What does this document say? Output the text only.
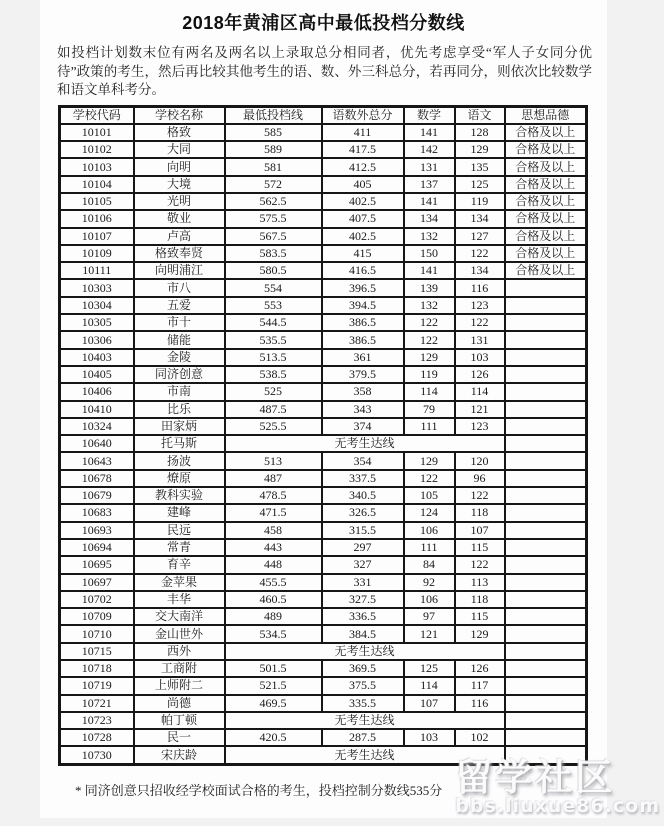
2018年黄浦区高中最低投档分数线

如投档计划数末位有两名及两名以上录取总分相同者，优先考虑享受“军人子女同分优待”政策的考生，然后再比较其他考生的语、数、外三科总分，若再同分，则依次比较数学和语文单科考分。

学校代码	学校名称	最低投档线	语数外总分	数学	语文	思想品德
10101	格致	585	411	141	128	合格及以上
10102	大同	589	417.5	142	129	合格及以上
10103	向明	581	412.5	131	135	合格及以上
10104	大境	572	405	137	125	合格及以上
10105	光明	562.5	402.5	141	119	合格及以上
10106	敬业	575.5	407.5	134	134	合格及以上
10107	卢高	567.5	402.5	132	127	合格及以上
10109	格致奉贤	583.5	415	150	122	合格及以上
10111	向明浦江	580.5	416.5	141	134	合格及以上
10303	市八	554	396.5	139	116	
10304	五爱	553	394.5	132	123	
10305	市十	544.5	386.5	122	122	
10306	储能	535.5	386.5	122	131	
10403	金陵	513.5	361	129	103	
10405	同济创意	538.5	379.5	119	126	
10406	市南	525	358	114	114	
10410	比乐	487.5	343	79	121	
10324	田家炳	525.5	374	111	123	
10640	托马斯	无考生达线				
10643	扬波	513	354	129	120	
10678	燎原	487	337.5	122	96	
10679	教科实验	478.5	340.5	105	122	
10683	建峰	471.5	326.5	124	118	
10693	民远	458	315.5	106	107	
10694	常青	443	297	111	115	
10695	育辛	448	327	84	122	
10697	金苹果	455.5	331	92	113	
10702	丰华	460.5	327.5	106	118	
10709	交大南洋	489	336.5	97	115	
10710	金山世外	534.5	384.5	121	129	
10715	西外	无考生达线				
10718	工商附	501.5	369.5	125	126	
10719	上师附二	521.5	375.5	114	117	
10721	尚德	469.5	335.5	107	116	
10723	帕丁顿	无考生达线				
10728	民一	420.5	287.5	103	102	
10730	宋庆龄	无考生达线				

* 同济创意只招收经学校面试合格的考生，投档控制分数线535分 留学社区
bbs.liuxue86.com
